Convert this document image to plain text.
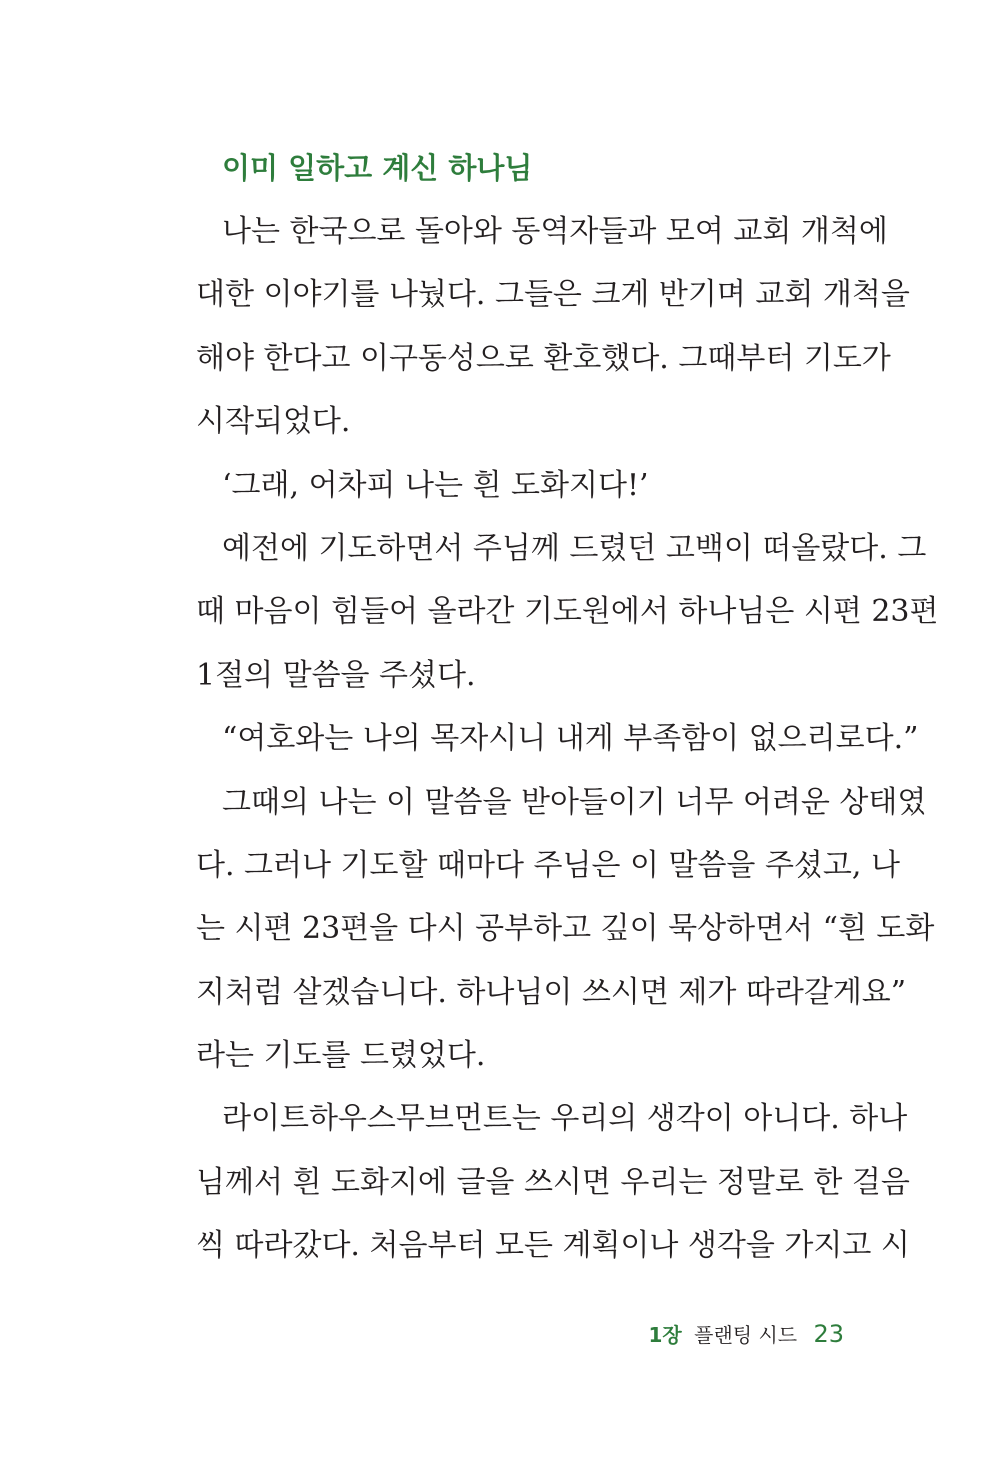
이미 일하고 계신 하나님
나는 한국으로 돌아와 동역자들과 모여 교회 개척에
대한 이야기를 나눴다. 그들은 크게 반기며 교회 개척을
해야 한다고 이구동성으로 환호했다. 그때부터 기도가
시작되었다.
‘그래, 어차피 나는 흰 도화지다!’
예전에 기도하면서 주님께 드렸던 고백이 떠올랐다. 그
때 마음이 힘들어 올라간 기도원에서 하나님은 시편 23편
1절의 말씀을 주셨다.
“여호와는 나의 목자시니 내게 부족함이 없으리로다.”
그때의 나는 이 말씀을 받아들이기 너무 어려운 상태였
다. 그러나 기도할 때마다 주님은 이 말씀을 주셨고, 나
는 시편 23편을 다시 공부하고 깊이 묵상하면서 “흰 도화
지처럼 살겠습니다. 하나님이 쓰시면 제가 따라갈게요”
라는 기도를 드렸었다.
라이트하우스무브먼트는 우리의 생각이 아니다. 하나
님께서 흰 도화지에 글을 쓰시면 우리는 정말로 한 걸음
씩 따라갔다. 처음부터 모든 계획이나 생각을 가지고 시
1장 플랜팅 시드 23
